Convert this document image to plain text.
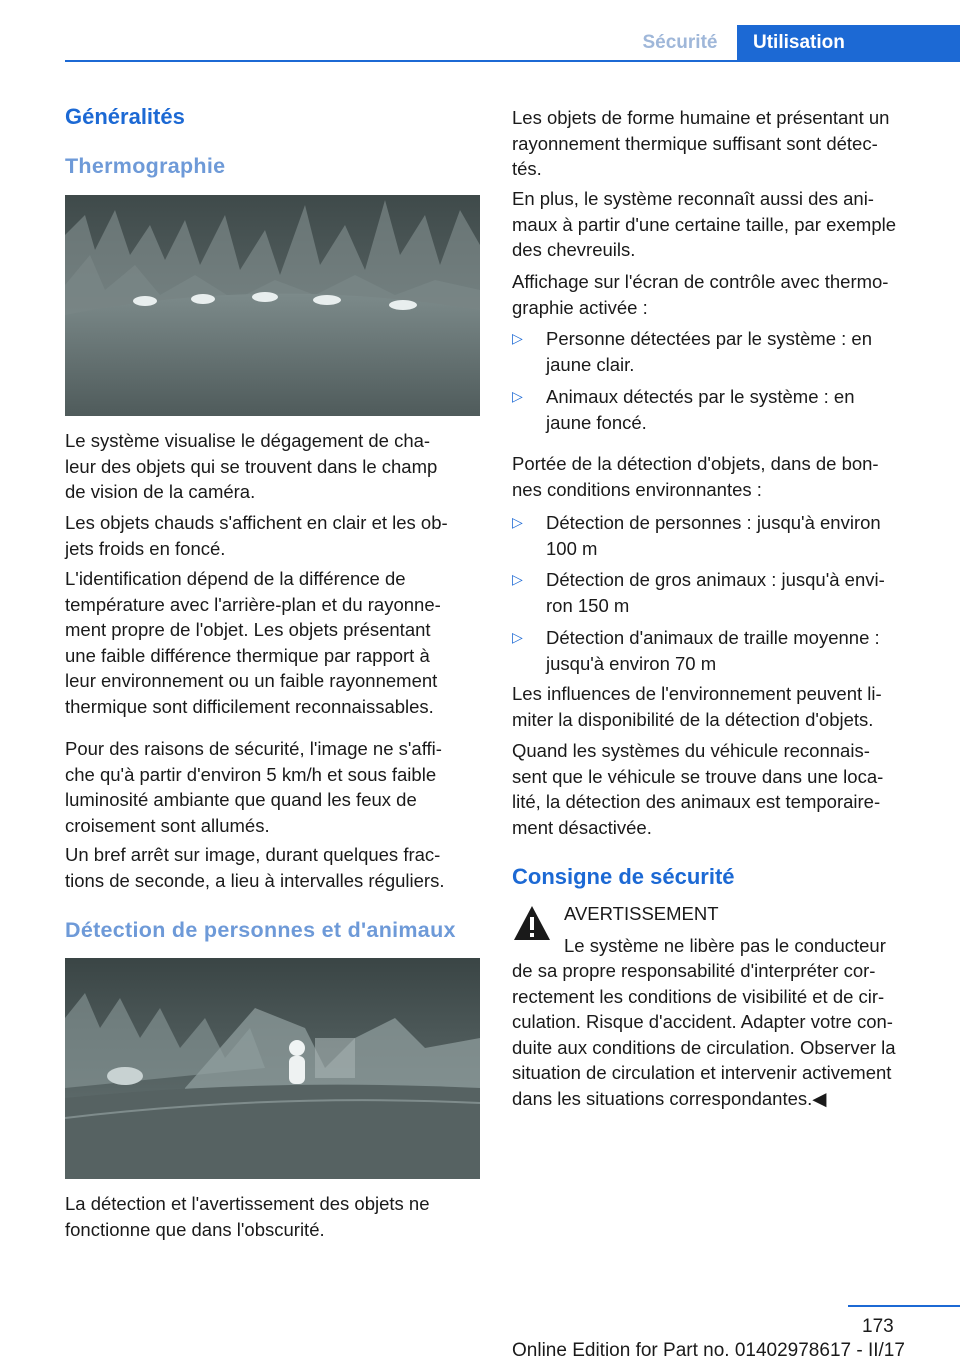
Sécurité	Utilisation
Généralités
Thermographie

Le système visualise le dégagement de cha‐
leur des objets qui se trouvent dans le champ
de vision de la caméra.

Les objets chauds s'affichent en clair et les ob‐
jets froids en foncé.

L'identification dépend de la différence de
température avec l'arrière-plan et du rayonne‐
ment propre de l'objet. Les objets présentant
une faible différence thermique par rapport à
leur environnement ou un faible rayonnement
thermique sont difficilement reconnaissables.

Pour des raisons de sécurité, l'image ne s'affi‐
che qu'à partir d'environ 5 km/h et sous faible
luminosité ambiante que quand les feux de
croisement sont allumés.

Un bref arrêt sur image, durant quelques frac‐
tions de seconde, a lieu à intervalles réguliers.

Détection de personnes et d'animaux

La détection et l'avertissement des objets ne
fonctionne que dans l'obscurité.

Les objets de forme humaine et présentant un
rayonnement thermique suffisant sont détec‐
tés.

En plus, le système reconnaît aussi des ani‐
maux à partir d'une certaine taille, par exemple
des chevreuils.

Affichage sur l'écran de contrôle avec thermo‐
graphie activée :

▷ Personne détectées par le système : en
jaune clair.
▷ Animaux détectés par le système : en
jaune foncé.

Portée de la détection d'objets, dans de bon‐
nes conditions environnantes :

▷ Détection de personnes : jusqu'à environ
100 m
▷ Détection de gros animaux : jusqu'à envi‐
ron 150 m
▷ Détection d'animaux de traille moyenne :
jusqu'à environ 70 m

Les influences de l'environnement peuvent li‐
miter la disponibilité de la détection d'objets.

Quand les systèmes du véhicule reconnais‐
sent que le véhicule se trouve dans une loca‐
lité, la détection des animaux est temporaire‐
ment désactivée.

Consigne de sécurité

AVERTISSEMENT

Le système ne libère pas le conducteur

de sa propre responsabilité d'interpréter cor‐
rectement les conditions de visibilité et de cir‐
culation. Risque d'accident. Adapter votre con‐
duite aux conditions de circulation. Observer la
situation de circulation et intervenir activement
dans les situations correspondantes.◀

173
Online Edition for Part no. 01402978617 - II/17
